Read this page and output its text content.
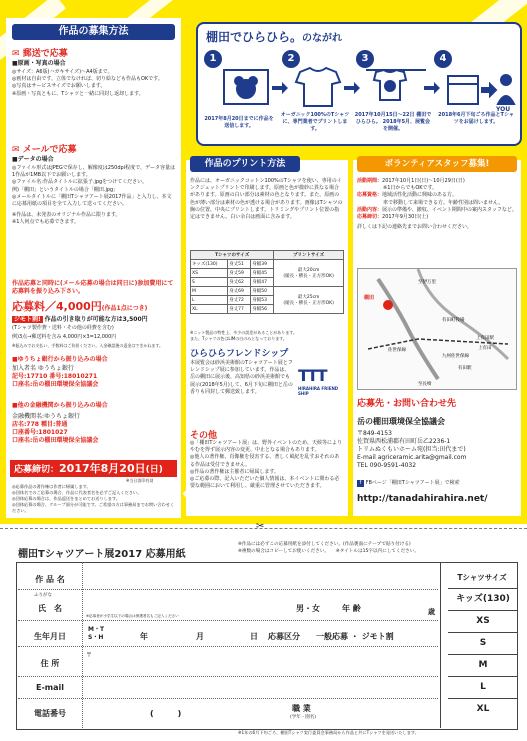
作品の募集方法
✉ 郵送で応募
■原画・写真の場合
◎サイズ：A6版(ハガキサイズ)〜A4版まで。
◎画材は自由です。立体でなければ、切り絵なども作品もOKです。
◎写真はサービスサイズでお願いします。
※原画・写真ともに、Tシャツと一緒に同封し返却します。
✉ メールで応募
■データの場合
◎ファイル形式はJPEGで保存し、解像度は250dpi程度で、データ容量は1作品が1MB以下でお願いします。
◎ファイル名:作品タイトルに拡張子.jpgをつけてください。
例)「棚田」というタイトルの場合「棚田.jpg」
◎メールタイトルに「棚田Tシャツアート展2017作品」と入力し、本文に応募用紙の項目を全て入力して送ってください。
※作品は、未発表のオリジナル作品に限ります。
※1人何点でも応募できます。
作品応募と同時に(メール応募の場合は同日に)参加費用にて応募料を振り込み下さい。
応募料／4,000円(作品1点につき)
ジモト割! 作品の引き取りが可能な方は3,500円
(Tシャツ製作費・送料・その他の経費を含む)
例)3点→郵送料を含み 4,000円×3=12,000円
※振込みでお支払い、手数料はご負担ください。入金確認後の返金はできかねます。
■ゆうちょ銀行から振り込みの場合
加入者名 ゆうちょ銀行
記号:17710 番号:18010271
口座名:岳の棚田環境保全協議会
■他の金融機関から振り込みの場合
金融機関名:ゆうちょ銀行
店名:778 種目:普通
口座番号:1801027
口座名:岳の棚田環境保全協議会
応募締切：2017年8月20日(日)
※当日消印有効
◎応募作品の著作権は作者に帰属します。
◎団体名でのご応募の場合、作品に代表者名を必ずご記入ください。
◎団体応募の場合は、作品返送をまとめてお送りします。
◎団体応募の場合、グループ面分が可能です。ご希望の方は事務局までお問い合わせください。
棚田でひらひら。のながれ
1	2	3	4
YOU
2017年8月20日までに作品を送信します。
オーガニック100%のTシャツに、専門業者でプリントします。
2017年10月15日〜22日 棚田でひらひら。 2018年5月、展覧会を開催。
2018年6月下旬ごろ作品とTシャツをお届けします。
作品のプリント方法
作品には、オーガニックコットン100%のTシャツを使い、専用のインクジェットプリントで印刷します。原画と色が微妙に異なる場合があります。原画の白い部分は素材の色となります。また、原画の色が薄い部分は素材の色が透ける場合があります。画像はTシャツの胸の位置、中央にプリントします。トリミングやプリント位置の指定はできません。白い余白は画面に含みます。
Tシャツのサイズ			プリントサイズ
キッズ(130)	身丈51	身幅39	最大20cm
(縦長・横長・正方形OK)

XS	身丈59	身幅45	
S	身丈62	身幅47	
M	身丈69	身幅50	最大25cm
(縦長・横長・正方形OK)

L	身丈72	身幅53	
XL	身丈77	身幅56	
※ニット製品の特性上、多少の誤差があることがあります。
また、Tシャツの色はLIMの白のみとなっております。
ひらひらフレンドシップ
本展覧会は砂浜美術館のTシャツアート展とフレンドシップ展に参加しています。作品は、岳の棚田に展示後、高知県の砂浜美術館でも展示(2018年5月)して、6月下旬に棚田と岳の香りも同封して郵送致します。
TTT
HIRAHIRA FRIEND SHIP
その他
◎「棚田Tシャツアート展」は、野外イベントのため、天候等によりやむを得ず展示内容の変更、中止となる場合もあります。
◎他人の著作権、肖像権を侵害する、著しく風紀を乱すおそれのある作品は受付できません。
◎作品の著作権は主催者に帰属します。
◎ご応募の際、記入いただいた個人情報は、本イベントに関わる必要な範囲において利用し、厳重に管理させていただきます。
ボランティアスタッフ募集!
活動期間：2017年10月1日(日)〜10月29日(日)
※1日からでもOKです。
応募資格：地域活性化活動に興味のある方。
車で移動して来場できる方。年齢性別は問いません。
活動内容：展示の準備や、撤収、イベント期間中の案内スタッフなど。
応募締切：2017年9月30日(土)
詳しくは下記の連絡先までお問い合わせください。
棚田
至伊万里
有田町役場
上有田駅
九州佐世保線
佐世保線
有田駅
上有田
至長崎
応募先・お問い合わせ先
岳の棚田環境保全協議会
〒849-4153
佐賀県西松浦郡有田町岳乙2236-1
トリムぬくもいホーム宛(担当:田代まで)
E-mail agriceramic.arita@gmail.com
TEL 090-9591-4032
f FBページ「棚田Tシャツアート展」で検索
http://tanadahirahira.net/
✂
棚田Tシャツアート展2017 応募用紙
※作品には必ずこの応募用紙を添付してください。(作品裏面にテープで貼り付ける)
※複数の場合はコピーしてお使いください。　　 ※タイトルは15字以内にしてください。
作 品 名
ふりがな
氏　名	男・女	年 齢	歳
※応募者が小学生以下の場合は保護者名もご記入ください
生年月日
M・T S・H	年	月	日 応募区分 一般応募 ・ ジモト割
住 所
〒
E-mail
電話番号	(　　　)
職 業
(学年・園名)
Tシャツサイズ
キッズ(130)
XS
S
M
L
XL
※1年の6月下旬ごろ、棚田Tシャツ実行委員会事務局から作品と共にTシャツを発送いたします。
